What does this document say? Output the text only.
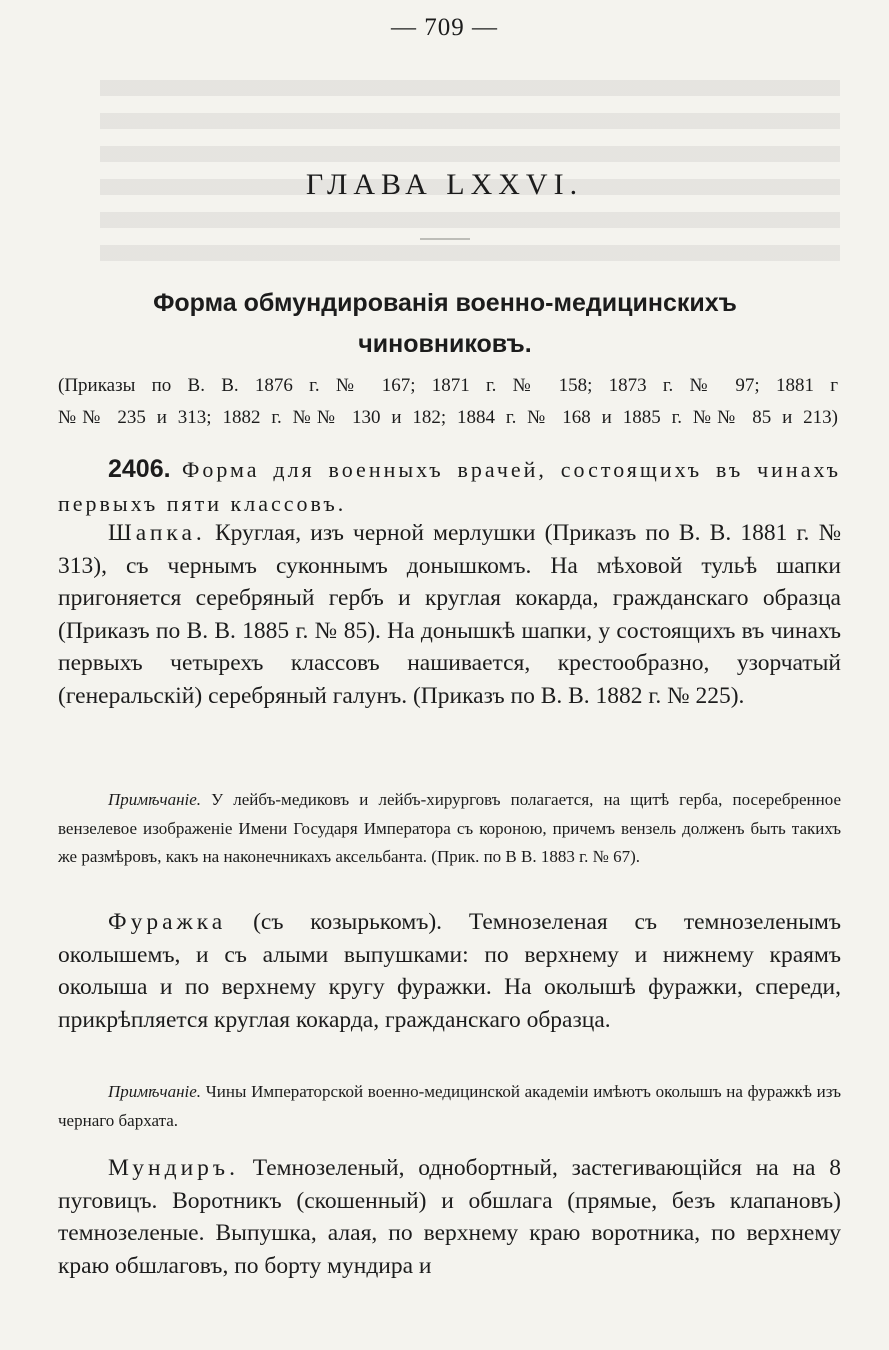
— 709 —
ГЛАВА LXXVI.
Форма обмундированія военно-медицинскихъ чиновниковъ.
(Приказы по В. В. 1876 г. № 167; 1871 г. № 158; 1873 г. № 97; 1881 г
№№ 235 и 313; 1882 г. №№ 130 и 182; 1884 г. № 168 и 1885 г. №№ 85 и 213)
2406. Форма для военныхъ врачей, состоящихъ въ чинахъ первыхъ пяти классовъ.
Шапка. Круглая, изъ черной мерлушки (Приказъ по В. В. 1881 г. № 313), съ чернымъ суконнымъ донышкомъ. На мѣховой тульѣ шапки пригоняется серебряный гербъ и круглая кокарда, гражданскаго образца (Приказъ по В. В. 1885 г. № 85). На донышкѣ шапки, у состоящихъ въ чинахъ первыхъ четырехъ классовъ нашивается, крестообразно, узорчатый (генеральскій) серебряный галунъ. (Приказъ по В. В. 1882 г. № 225).
Примѣчаніе. У лейбъ-медиковъ и лейбъ-хирурговъ полагается, на щитѣ герба, посеребренное вензелевое изображеніе Имени Государя Императора съ короною, причемъ вензель долженъ быть такихъ же размѣровъ, какъ на наконечникахъ аксельбанта. (Прик. по В В. 1883 г. № 67).
Фуражка (съ козырькомъ). Темнозеленая съ темнозеленымъ околышемъ, и съ алыми выпушками: по верхнему и нижнему краямъ околыша и по верхнему кругу фуражки. На околышѣ фуражки, спереди, прикрѣпляется круглая кокарда, гражданскаго образца.
Примѣчаніе. Чины Императорской военно-медицинской академіи имѣютъ околышъ на фуражкѣ изъ чернаго бархата.
Мундиръ. Темнозеленый, однобортный, застегивающійся на на 8 пуговицъ. Воротникъ (скошенный) и обшлага (прямые, безъ клапановъ) темнозеленые. Выпушка, алая, по верхнему краю воротника, по верхнему краю обшлаговъ, по борту мундира и
